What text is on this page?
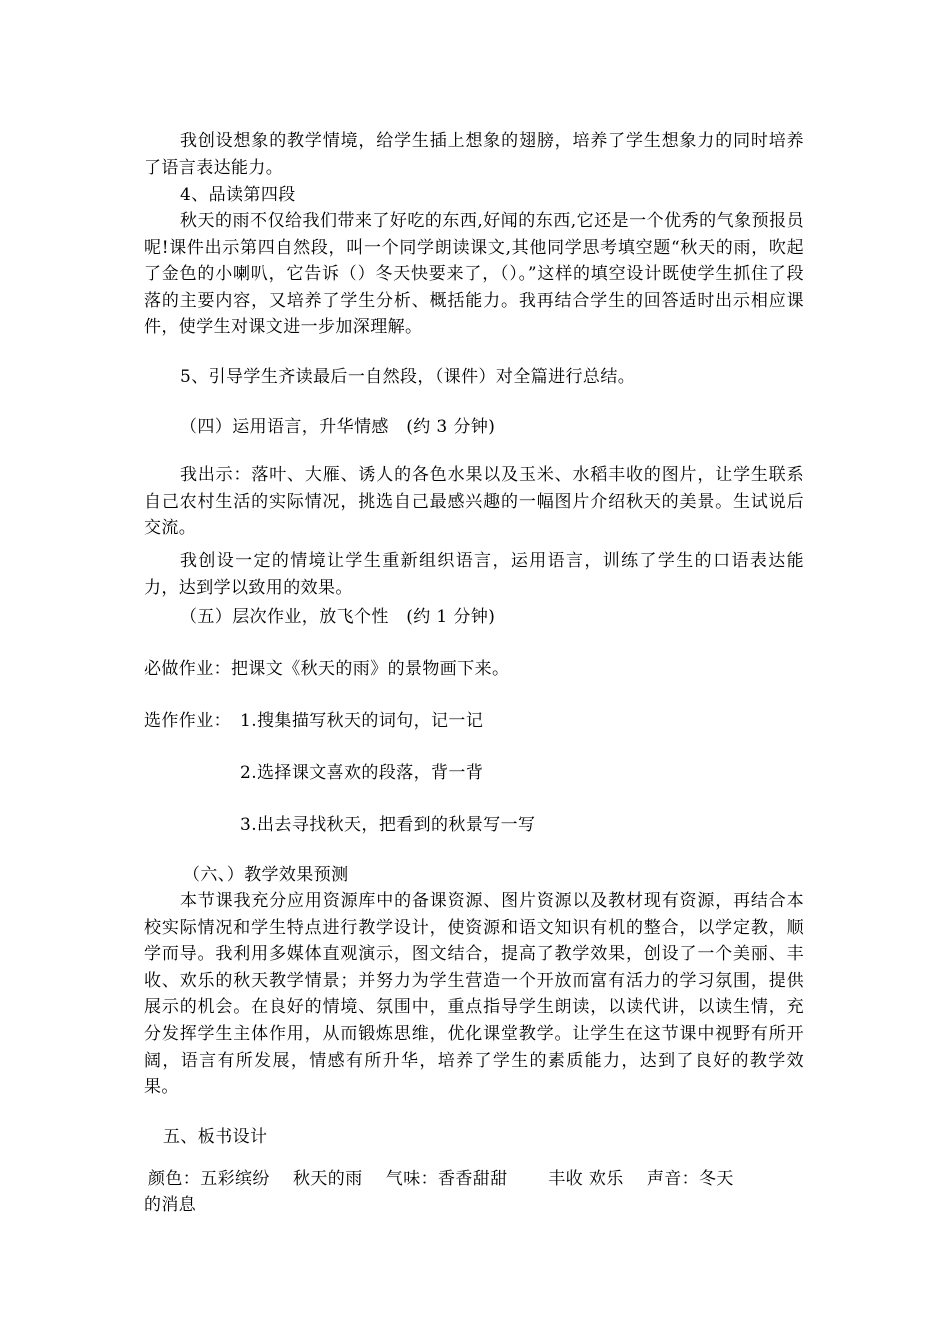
我创设想象的教学情境，给学生插上想象的翅膀，培养了学生想象力的同时培养了语言表达能力。
4、品读第四段
秋天的雨不仅给我们带来了好吃的东西,好闻的东西,它还是一个优秀的气象预报员呢!课件出示第四自然段，叫一个同学朗读课文,其他同学思考填空题“秋天的雨，吹起了金色的小喇叭，它告诉（）冬天快要来了，（）。”这样的填空设计既使学生抓住了段落的主要内容，又培养了学生分析、概括能力。我再结合学生的回答适时出示相应课件，使学生对课文进一步加深理解。
5、引导学生齐读最后一自然段，（课件）对全篇进行总结。
（四）运用语言，升华情感　(约 3 分钟)
我出示：落叶、大雁、诱人的各色水果以及玉米、水稻丰收的图片，让学生联系自己农村生活的实际情况，挑选自己最感兴趣的一幅图片介绍秋天的美景。生试说后交流。
我创设一定的情境让学生重新组织语言，运用语言，训练了学生的口语表达能力，达到学以致用的效果。
（五）层次作业，放飞个性　(约 1 分钟)
必做作业：把课文《秋天的雨》的景物画下来。
选作作业： 1.搜集描写秋天的词句，记一记
2.选择课文喜欢的段落，背一背
3.出去寻找秋天，把看到的秋景写一写
（六、）教学效果预测
本节课我充分应用资源库中的备课资源、图片资源以及教材现有资源，再结合本校实际情况和学生特点进行教学设计，使资源和语文知识有机的整合，以学定教，顺学而导。我利用多媒体直观演示，图文结合，提高了教学效果，创设了一个美丽、丰收、欢乐的秋天教学情景；并努力为学生营造一个开放而富有活力的学习氛围，提供展示的机会。在良好的情境、氛围中，重点指导学生朗读，以读代讲，以读生情，充分发挥学生主体作用，从而锻炼思维，优化课堂教学。让学生在这节课中视野有所开阔，语言有所发展，情感有所升华，培养了学生的素质能力，达到了良好的教学效果。
五、板书设计
颜色：五彩缤纷　 秋天的雨　 气味：香香甜甜　　 丰收 欢乐　 声音：冬天
的消息
